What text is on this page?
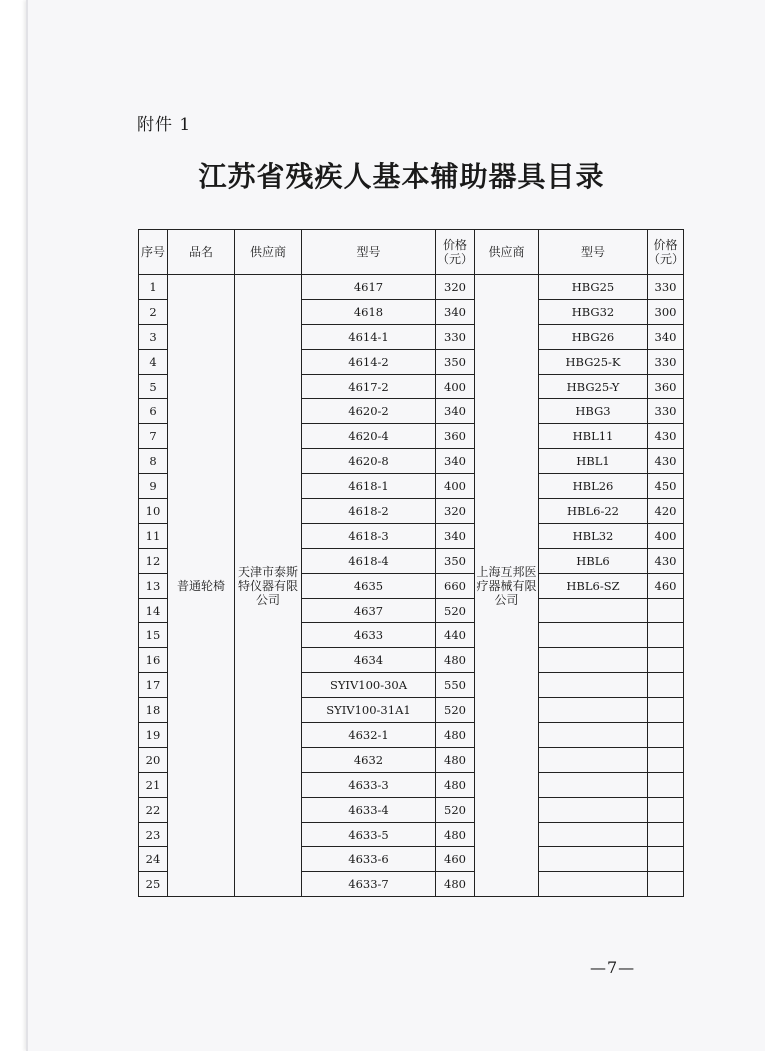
附件 1
江苏省残疾人基本辅助器具目录
序号	品名	供应商	型号	价格（元）	供应商	型号	价格（元）
1	普通轮椅	天津市泰斯特仪器有限公司	4617	320	上海互邦医疗器械有限公司	HBG25	330
2			4618	340		HBG32	300
3			4614-1	330		HBG26	340
4			4614-2	350		HBG25-K	330
5			4617-2	400		HBG25-Y	360
6			4620-2	340		HBG3	330
7			4620-4	360		HBL11	430
8			4620-8	340		HBL1	430
9			4618-1	400		HBL26	450
10			4618-2	320		HBL6-22	420
11			4618-3	340		HBL32	400
12			4618-4	350		HBL6	430
13			4635	660		HBL6-SZ	460
14			4637	520			
15			4633	440			
16			4634	480			
17			SYIV100-30A	550			
18			SYIV100-31A1	520			
19			4632-1	480			
20			4632	480			
21			4633-3	480			
22			4633-4	520			
23			4633-5	480			
24			4633-6	460			
25			4633-7	480			
—7—
